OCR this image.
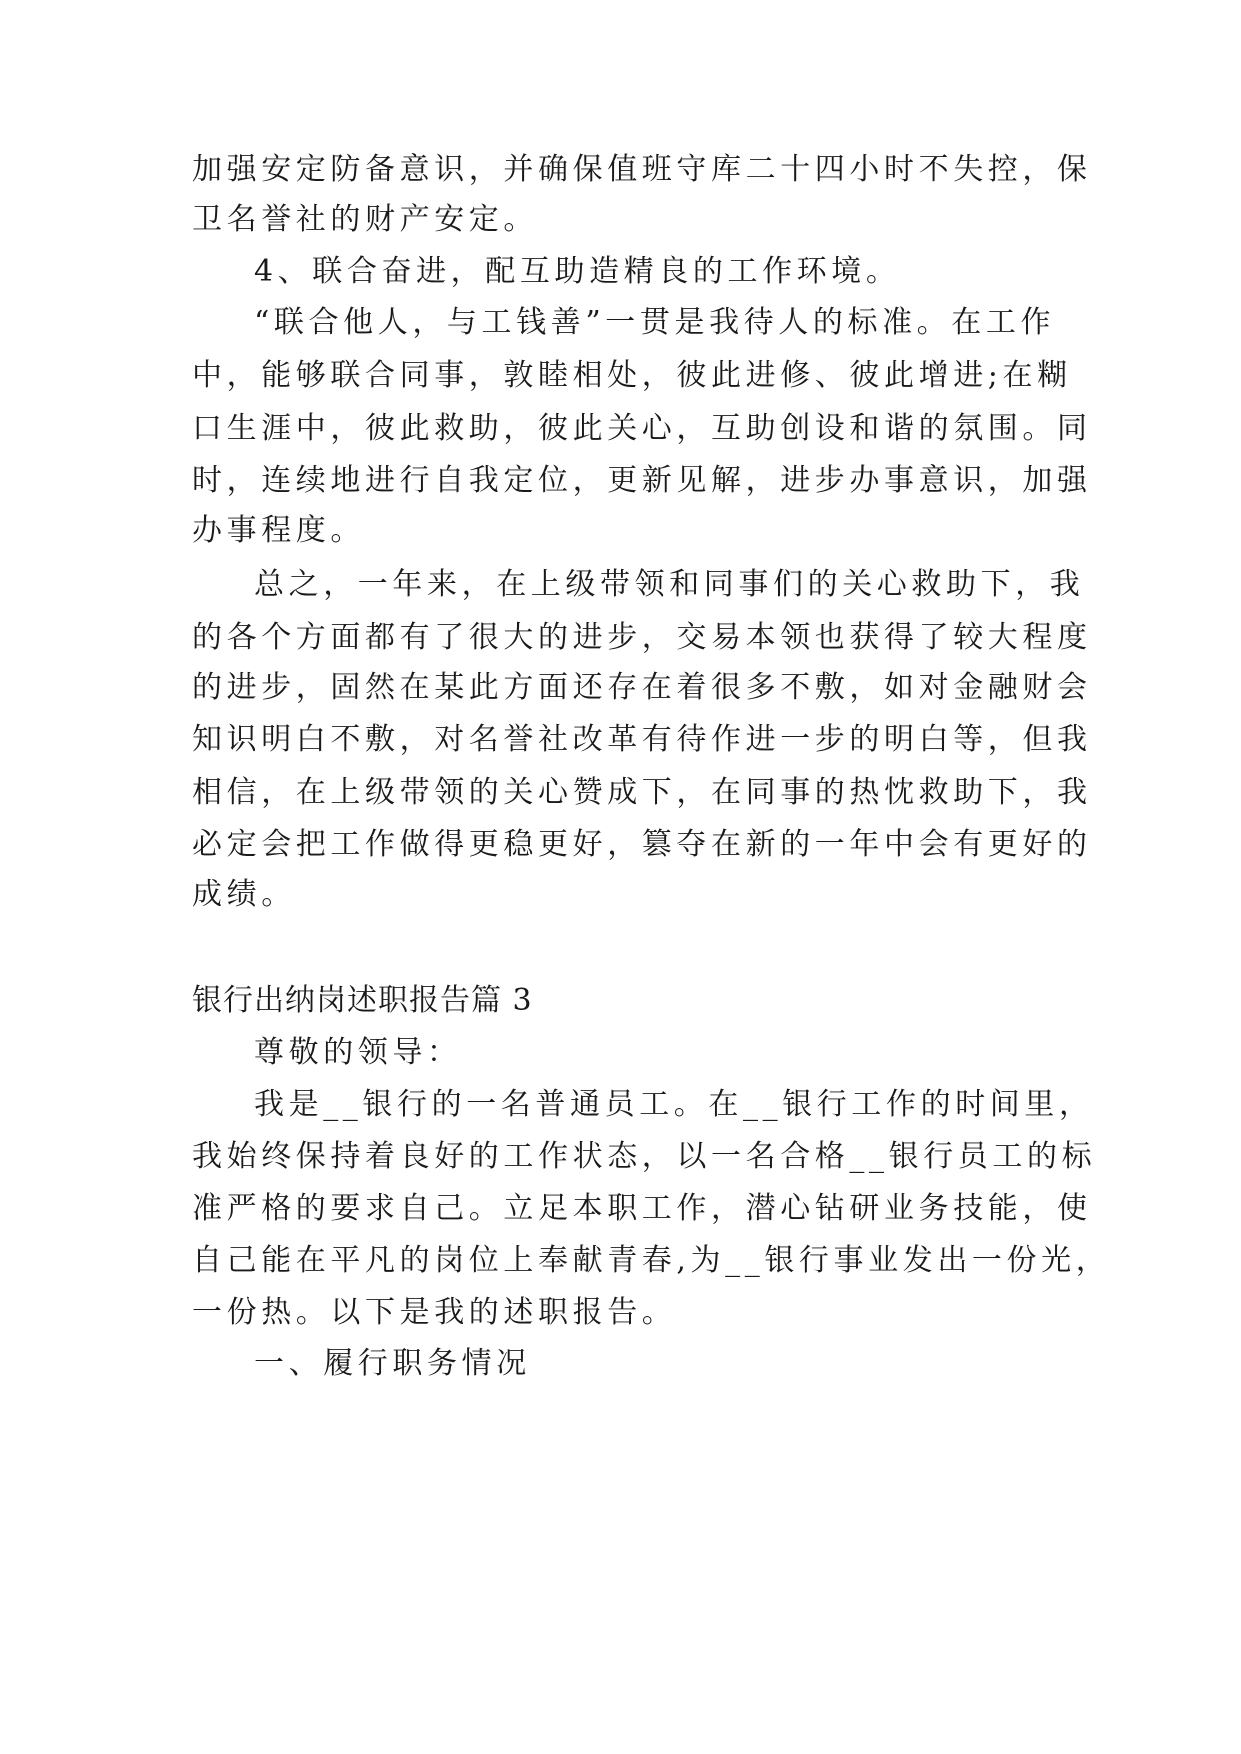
加强安定防备意识，并确保值班守库二十四小时不失控，保
卫名誉社的财产安定。
4、联合奋进，配互助造精良的工作环境。
“联合他人，与工钱善”一贯是我待人的标准。在工作
中，能够联合同事，敦睦相处，彼此进修、彼此增进;在糊
口生涯中，彼此救助，彼此关心，互助创设和谐的氛围。同
时，连续地进行自我定位，更新见解，进步办事意识，加强
办事程度。
总之，一年来，在上级带领和同事们的关心救助下，我
的各个方面都有了很大的进步，交易本领也获得了较大程度
的进步，固然在某此方面还存在着很多不敷，如对金融财会
知识明白不敷，对名誉社改革有待作进一步的明白等，但我
相信，在上级带领的关心赞成下，在同事的热忱救助下，我
必定会把工作做得更稳更好，篡夺在新的一年中会有更好的
成绩。
银行出纳岗述职报告篇 3
尊敬的领导：
我是__银行的一名普通员工。在__银行工作的时间里，
我始终保持着良好的工作状态，以一名合格__银行员工的标
准严格的要求自己。立足本职工作，潜心钻研业务技能，使
自己能在平凡的岗位上奉献青春,为__银行事业发出一份光，
一份热。以下是我的述职报告。
一、履行职务情况
